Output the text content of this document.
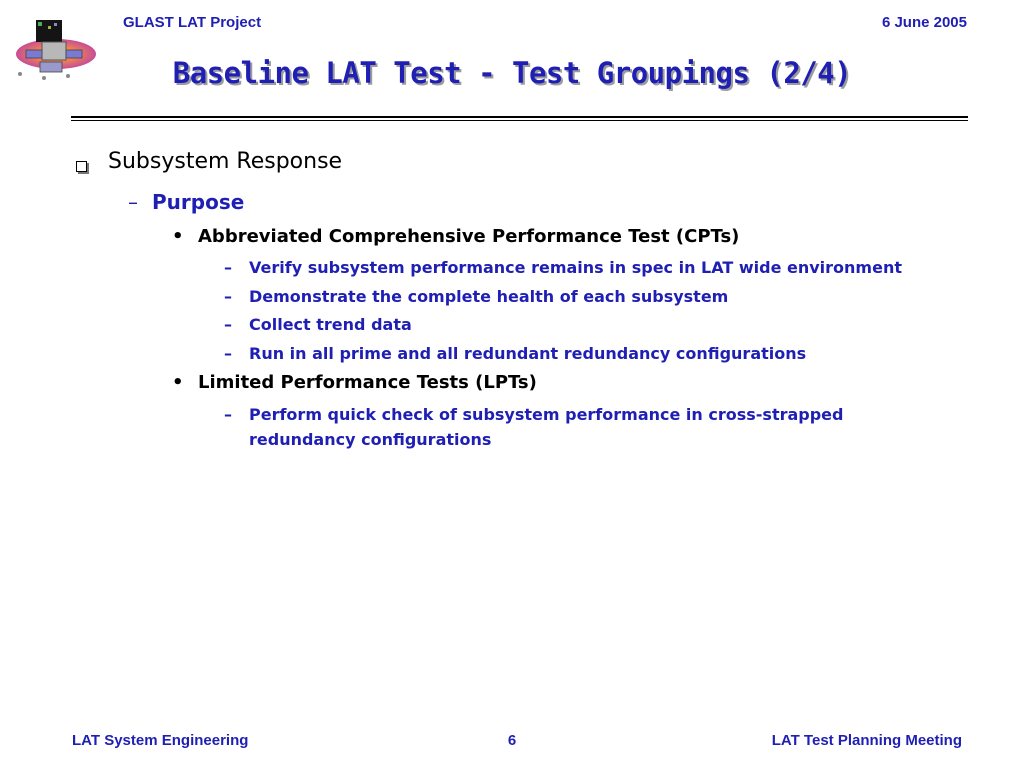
GLAST LAT Project	6 June 2005
Baseline LAT Test - Test Groupings (2/4)
Subsystem Response
– Purpose
• Abbreviated Comprehensive Performance Test (CPTs)
– Verify subsystem performance remains in spec in LAT wide environment
– Demonstrate the complete health of each subsystem
– Collect trend data
– Run in all prime and all redundant redundancy configurations
• Limited Performance Tests (LPTs)
– Perform quick check of subsystem performance in cross-strapped redundancy configurations
LAT System Engineering	6	LAT Test Planning Meeting
